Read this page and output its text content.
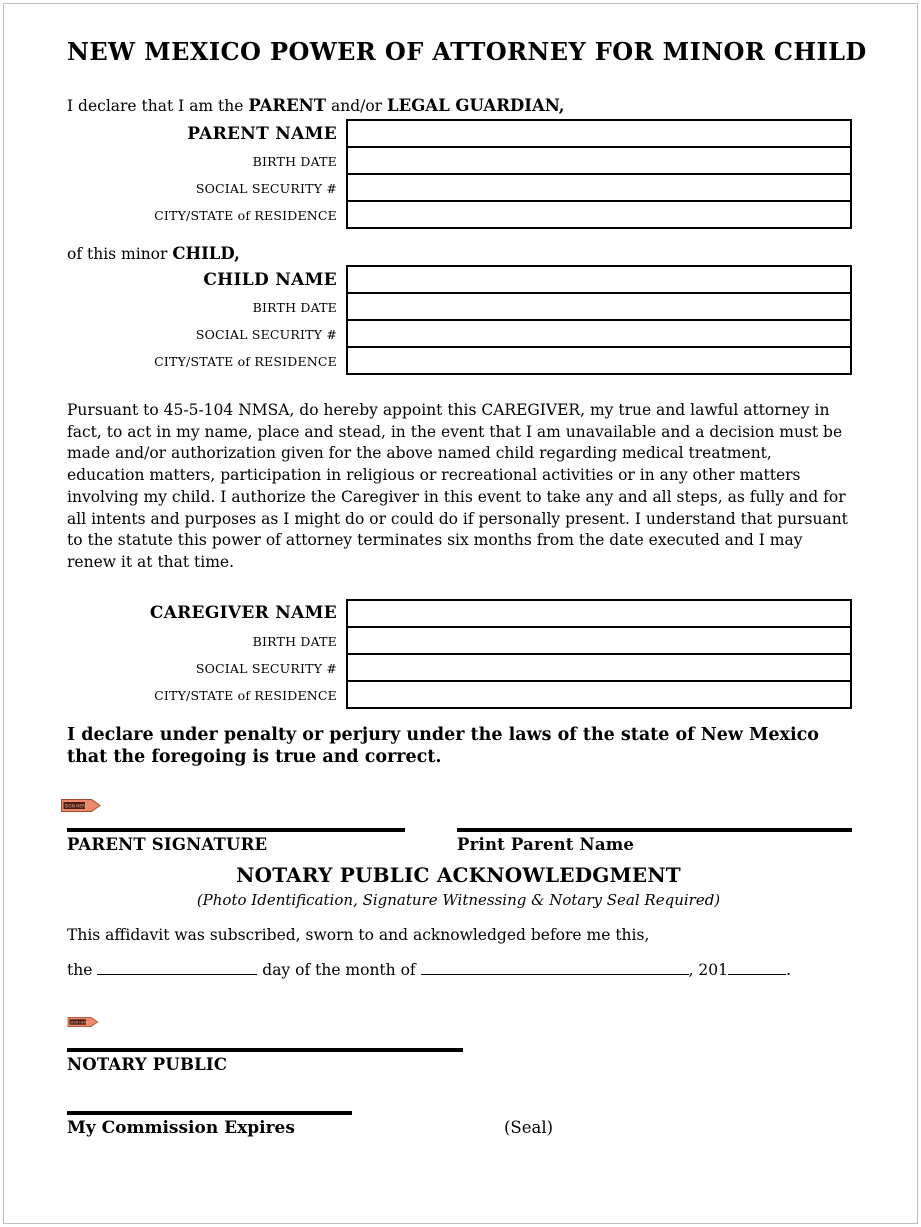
NEW MEXICO POWER OF ATTORNEY FOR MINOR CHILD

I declare that I am the PARENT and/or LEGAL GUARDIAN,

PARENT NAME
BIRTH DATE
SOCIAL SECURITY #
CITY/STATE of RESIDENCE

of this minor CHILD,

CHILD NAME
BIRTH DATE
SOCIAL SECURITY #
CITY/STATE of RESIDENCE

Pursuant to 45-5-104 NMSA, do hereby appoint this CAREGIVER, my true and lawful attorney in fact, to act in my name, place and stead, in the event that I am unavailable and a decision must be made and/or authorization given for the above named child regarding medical treatment, education matters, participation in religious or recreational activities or in any other matters involving my child. I authorize the Caregiver in this event to take any and all steps, as fully and for all intents and purposes as I might do or could do if personally present. I understand that pursuant to the statute this power of attorney terminates six months from the date executed and I may renew it at that time.

CAREGIVER NAME
BIRTH DATE
SOCIAL SECURITY #
CITY/STATE of RESIDENCE

I declare under penalty or perjury under the laws of the state of New Mexico that the foregoing is true and correct.

SIGN HERE
PARENT SIGNATURE	Print Parent Name
NOTARY PUBLIC ACKNOWLEDGMENT
(Photo Identification, Signature Witnessing & Notary Seal Required)

This affidavit was subscribed, sworn to and acknowledged before me this,

the	day of the month of	, 201	.

SIGN HERE
NOTARY PUBLIC
My Commission Expires	(Seal)
